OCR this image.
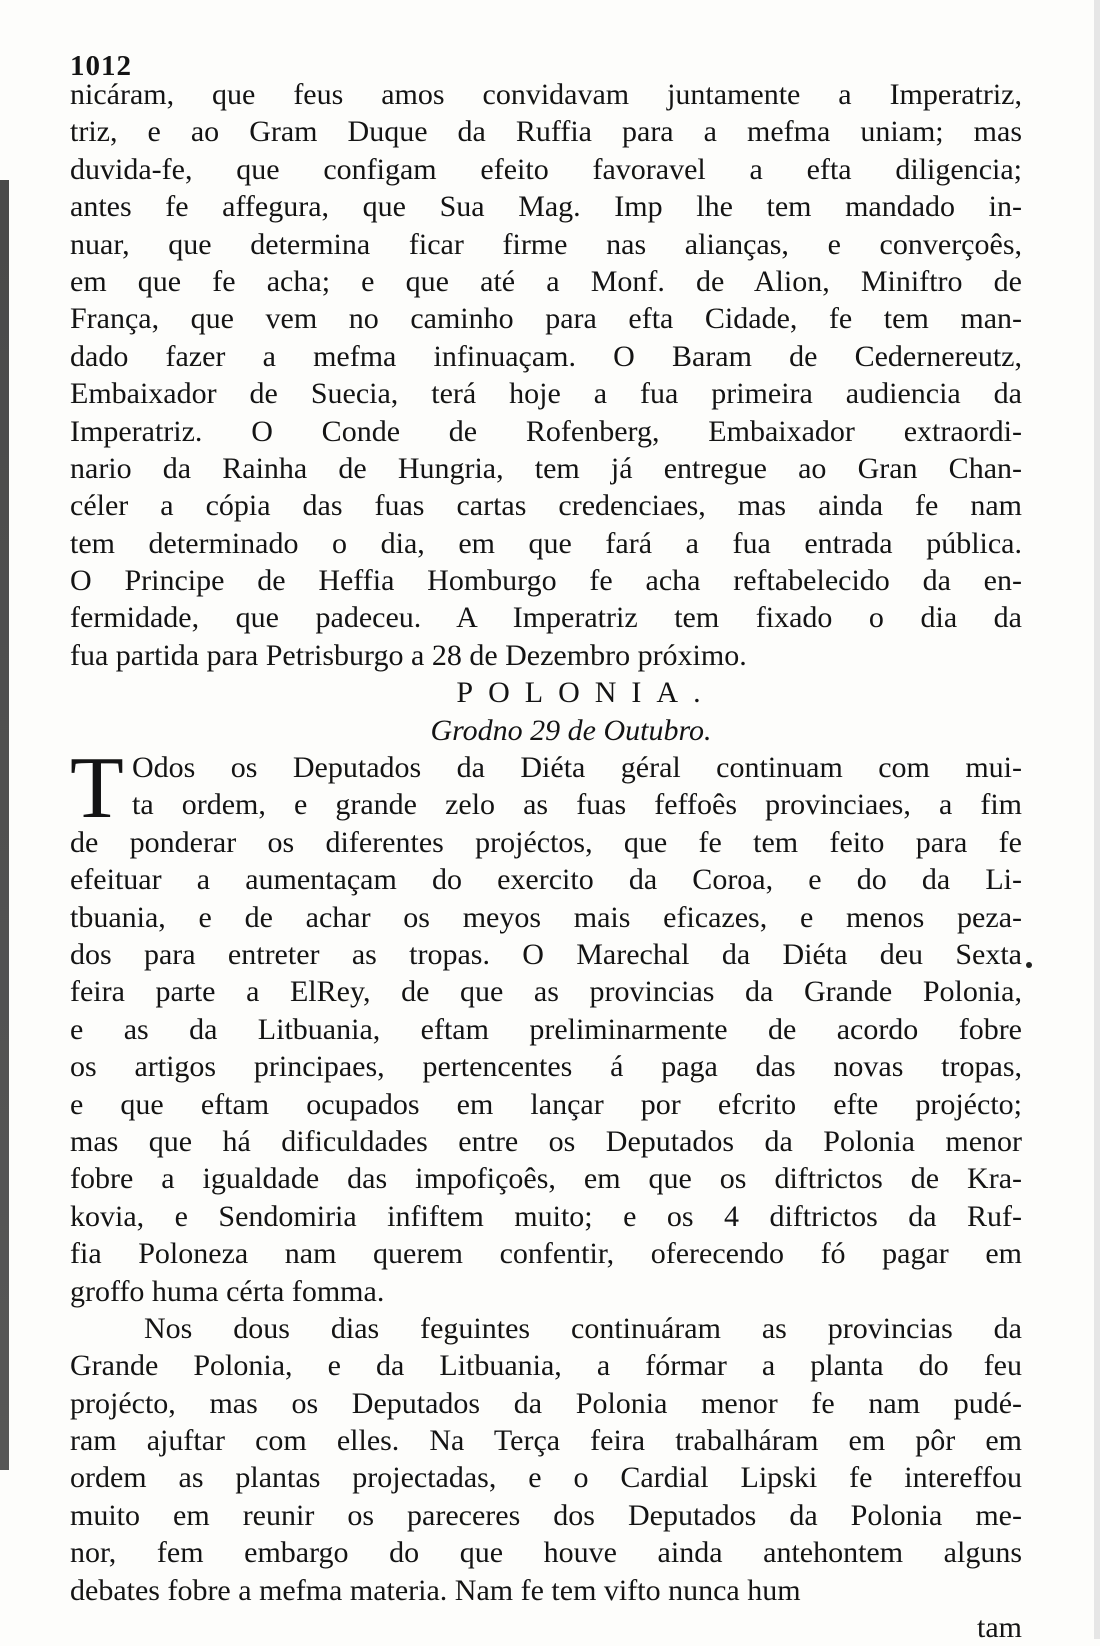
1012
nicáram, que feus amos convidavam juntamente a Imperatriz,
triz, e ao Gram Duque da Ruffia para a mefma uniam; mas
duvida-fe, que configam efeito favoravel a efta diligencia;
antes fe affegura, que Sua Mag. Imp lhe tem mandado in-
nuar, que determina ficar firme nas alianças, e converçoês,
em que fe acha; e que até a Monf. de Alion, Miniftro de
França, que vem no caminho para efta Cidade, fe tem man-
dado fazer a mefma infinuaçam. O Baram de Cedernereutz,
Embaixador de Suecia, terá hoje a fua primeira audiencia da
Imperatriz. O Conde de Rofenberg, Embaixador extraordi-
nario da Rainha de Hungria, tem já entregue ao Gran Chan-
céler a cópia das fuas cartas credenciaes, mas ainda fe nam
tem determinado o dia, em que fará a fua entrada pública.
O Principe de Heffia Homburgo fe acha reftabelecido da en-
fermidade, que padeceu. A Imperatriz tem fixado o dia da
fua partida para Petrisburgo a 28 de Dezembro próximo.
POLONIA.
Grodno 29 de Outubro.
T Odos os Deputados da Diéta géral continuam com mui-
ta ordem, e grande zelo as fuas feffoês provinciaes, a fim
de ponderar os diferentes projéctos, que fe tem feito para fe
efeituar a aumentaçam do exercito da Coroa, e do da Li-
tbuania, e de achar os meyos mais eficazes, e menos peza-
dos para entreter as tropas. O Marechal da Diéta deu Sexta
feira parte a ElRey, de que as provincias da Grande Polonia,
e as da Litbuania, eftam preliminarmente de acordo fobre
os artigos principaes, pertencentes á paga das novas tropas,
e que eftam ocupados em lançar por efcrito efte projécto;
mas que há dificuldades entre os Deputados da Polonia menor
fobre a igualdade das impofiçoês, em que os diftrictos de Kra-
kovia, e Sendomiria infiftem muito; e os 4 diftrictos da Ruf-
fia Poloneza nam querem confentir, oferecendo fó pagar em
groffo huma cérta fomma.
Nos dous dias feguintes continuáram as provincias da
Grande Polonia, e da Litbuania, a fórmar a planta do feu
projécto, mas os Deputados da Polonia menor fe nam pudé-
ram ajuftar com elles. Na Terça feira trabalháram em pôr em
ordem as plantas projectadas, e o Cardial Lipski fe intereffou
muito em reunir os pareceres dos Deputados da Polonia me-
nor, fem embargo do que houve ainda antehontem alguns
debates fobre a mefma materia. Nam fe tem vifto nunca hum
tam
